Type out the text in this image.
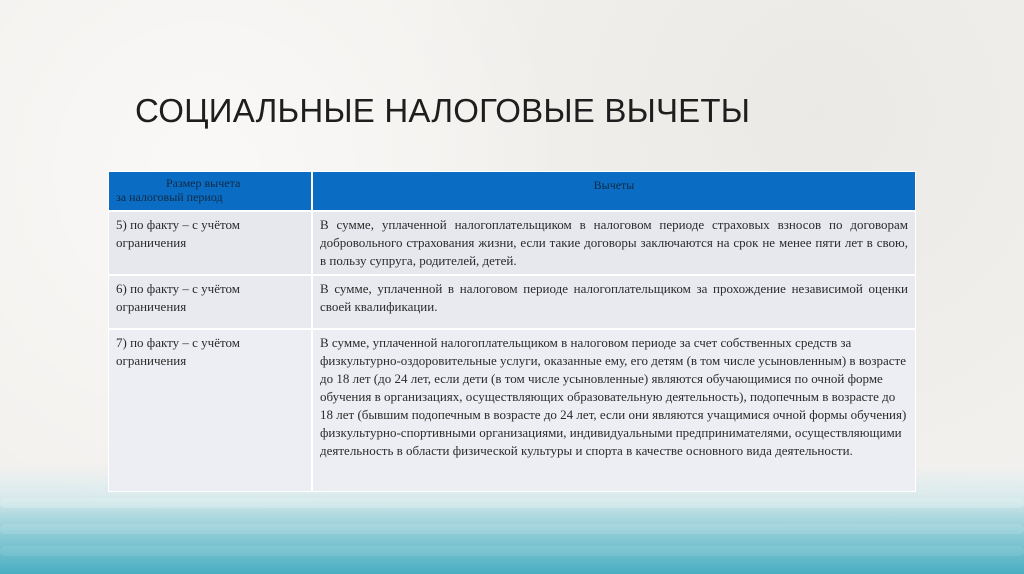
СОЦИАЛЬНЫЕ НАЛОГОВЫЕ ВЫЧЕТЫ
Размер вычета
за налоговый период	Вычеты
5) по факту – с учётом ограничения	В сумме, уплаченной налогоплательщиком в налоговом периоде страховых взносов по договорам добровольного страхования жизни, если такие договоры заключаются на срок не менее пяти лет в свою, в пользу супруга, родителей, детей.
6) по факту – с учётом ограничения	В сумме, уплаченной в налоговом периоде налогоплательщиком за прохождение независимой оценки своей квалификации.
7) по факту – с учётом ограничения	В сумме, уплаченной налогоплательщиком в налоговом периоде за счет собственных средств за физкультурно-оздоровительные услуги, оказанные ему, его детям (в том числе усыновленным) в возрасте до 18 лет (до 24 лет, если дети (в том числе усыновленные) являются обучающимися по очной форме обучения в организациях, осуществляющих образовательную деятельность), подопечным в возрасте до 18 лет (бывшим подопечным в возрасте до 24 лет, если они являются учащимися очной формы обучения) физкультурно-спортивными организациями, индивидуальными предпринимателями, осуществляющими деятельность в области физической культуры и спорта в качестве основного вида деятельности.
